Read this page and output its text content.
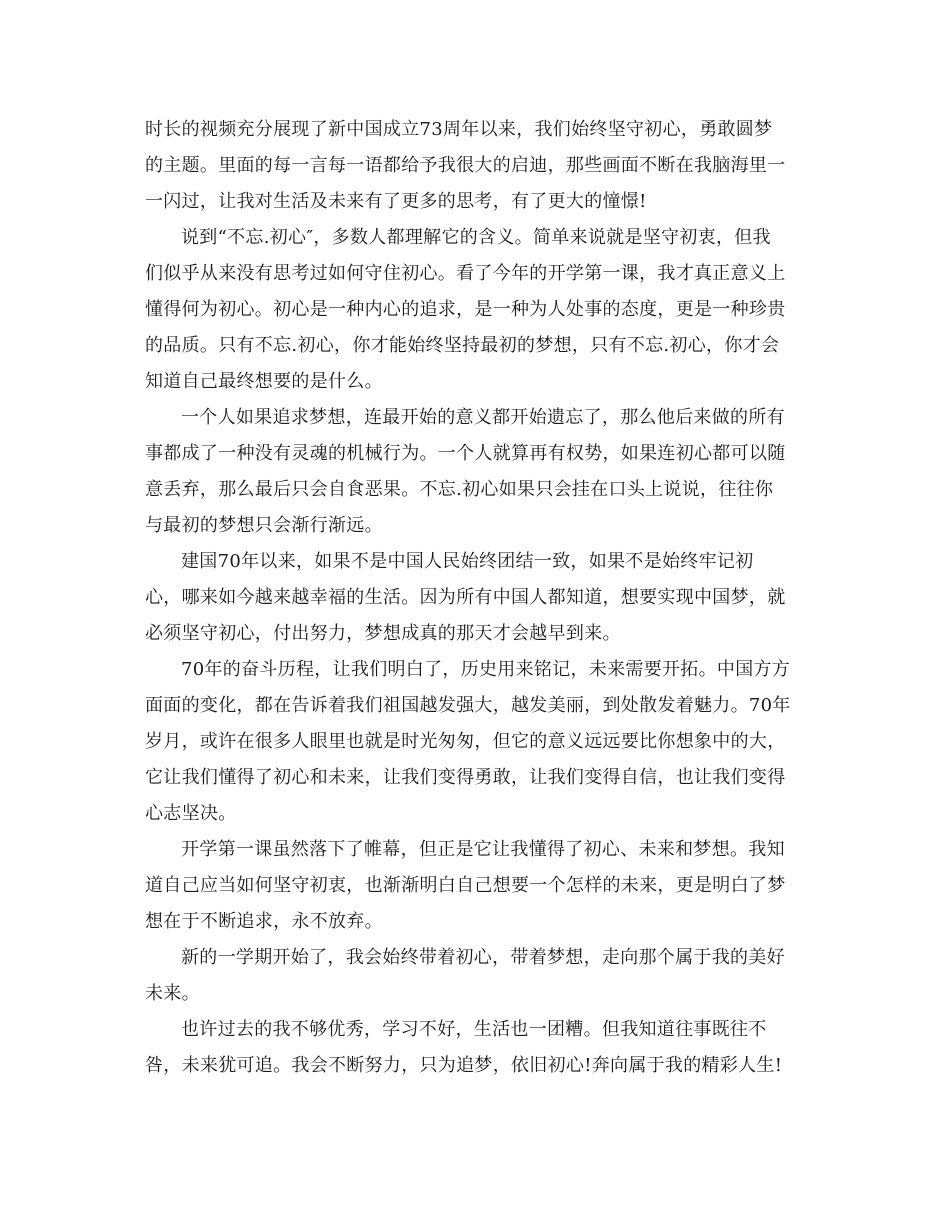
时长的视频充分展现了新中国成立73周年以来，我们始终坚守初心，勇敢圆梦
的主题。里面的每一言每一语都给予我很大的启迪，那些画面不断在我脑海里一
一闪过，让我对生活及未来有了更多的思考，有了更大的憧憬!
说到“不忘.初心″，多数人都理解它的含义。简单来说就是坚守初衷，但我
们似乎从来没有思考过如何守住初心。看了今年的开学第一课，我才真正意义上
懂得何为初心。初心是一种内心的追求，是一种为人处事的态度，更是一种珍贵
的品质。只有不忘.初心，你才能始终坚持最初的梦想，只有不忘.初心，你才会
知道自己最终想要的是什么。
一个人如果追求梦想，连最开始的意义都开始遗忘了，那么他后来做的所有
事都成了一种没有灵魂的机械行为。一个人就算再有权势，如果连初心都可以随
意丢弃，那么最后只会自食恶果。不忘.初心如果只会挂在口头上说说，往往你
与最初的梦想只会渐行渐远。
建国70年以来，如果不是中国人民始终团结一致，如果不是始终牢记初
心，哪来如今越来越幸福的生活。因为所有中国人都知道，想要实现中国梦，就
必须坚守初心，付出努力，梦想成真的那天才会越早到来。
70年的奋斗历程，让我们明白了，历史用来铭记，未来需要开拓。中国方方
面面的变化，都在告诉着我们祖国越发强大，越发美丽，到处散发着魅力。70年
岁月，或许在很多人眼里也就是时光匆匆，但它的意义远远要比你想象中的大，
它让我们懂得了初心和未来，让我们变得勇敢，让我们变得自信，也让我们变得
心志坚决。
开学第一课虽然落下了帷幕，但正是它让我懂得了初心、未来和梦想。我知
道自己应当如何坚守初衷，也渐渐明白自己想要一个怎样的未来，更是明白了梦
想在于不断追求，永不放弃。
新的一学期开始了，我会始终带着初心，带着梦想，走向那个属于我的美好
未来。
也许过去的我不够优秀，学习不好，生活也一团糟。但我知道往事既往不
咎，未来犹可追。我会不断努力，只为追梦，依旧初心!奔向属于我的精彩人生!
